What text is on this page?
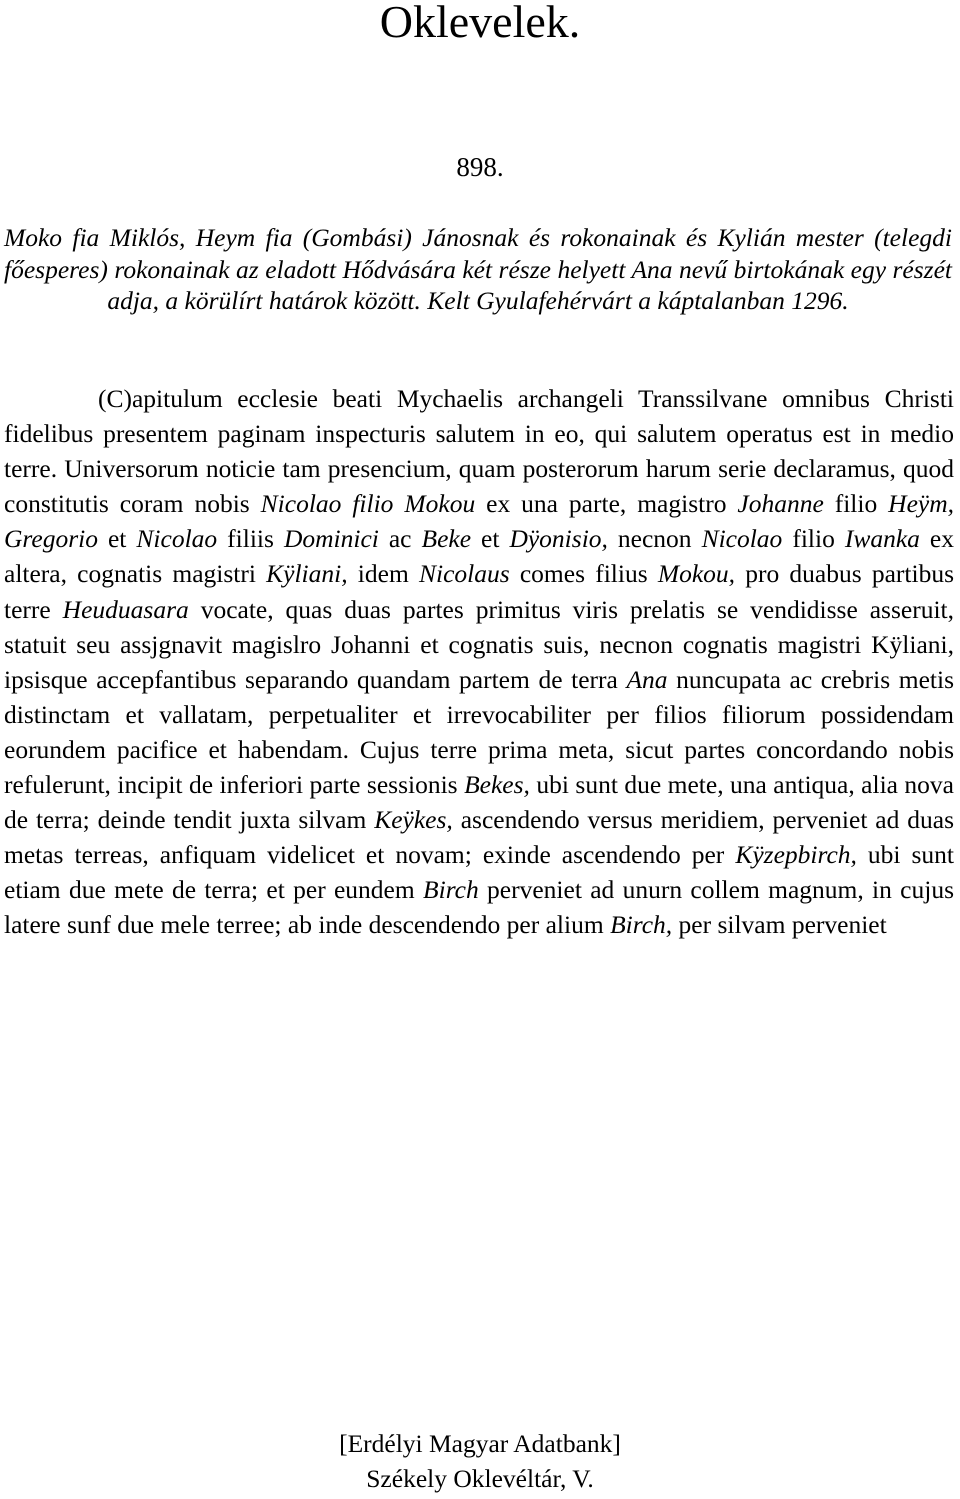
Oklevelek.
898.

Moko fia Miklós, Heym fia (Gombási) Jánosnak és rokonainak és Kylián mester (telegdi főesperes) rokonainak az eladott Hődvására két része helyett Ana nevű birtokának egy részét adja, a körülírt határok között. Kelt Gyulafehérvárt a káptalanban 1296.

(C)apitulum ecclesie beati Mychaelis archangeli Transsilvane omnibus Christi fidelibus presentem paginam inspecturis salutem in eo, qui salutem operatus est in medio terre. Universorum noticie tam presencium, quam posterorum harum serie declaramus, quod constitutis coram nobis Nicolao filio Mokou ex una parte, magistro Johanne filio Heÿm, Gregorio et Nicolao filiis Dominici ac Beke et Dÿonisio, necnon Nicolao filio Iwanka ex altera, cognatis magistri Kÿliani, idem Nicolaus comes filius Mokou, pro duabus partibus terre Heuduasara vocate, quas duas partes primitus viris prelatis se vendidisse asseruit, statuit seu assjgnavit magislro Johanni et cognatis suis, necnon cognatis magistri Kÿliani, ipsisque accepfantibus separando quandam partem de terra Ana nuncupata ac crebris metis distinctam et vallatam, perpetualiter et irrevocabiliter per filios filiorum possidendam eorundem pacifice et habendam. Cujus terre prima meta, sicut partes concordando nobis refulerunt, incipit de inferiori parte sessionis Bekes, ubi sunt due mete, una antiqua, alia nova de terra; deinde tendit juxta silvam Keÿkes, ascendendo versus meridiem, perveniet ad duas metas terreas, anfiquam videlicet et novam; exinde ascendendo per Kÿzepbirch, ubi sunt etiam due mete de terra; et per eundem Birch perveniet ad unurn collem magnum, in cujus latere sunf due mele terree; ab inde descendendo per alium Birch, per silvam perveniet

[Erdélyi Magyar Adatbank]
Székely Oklevéltár, V.
